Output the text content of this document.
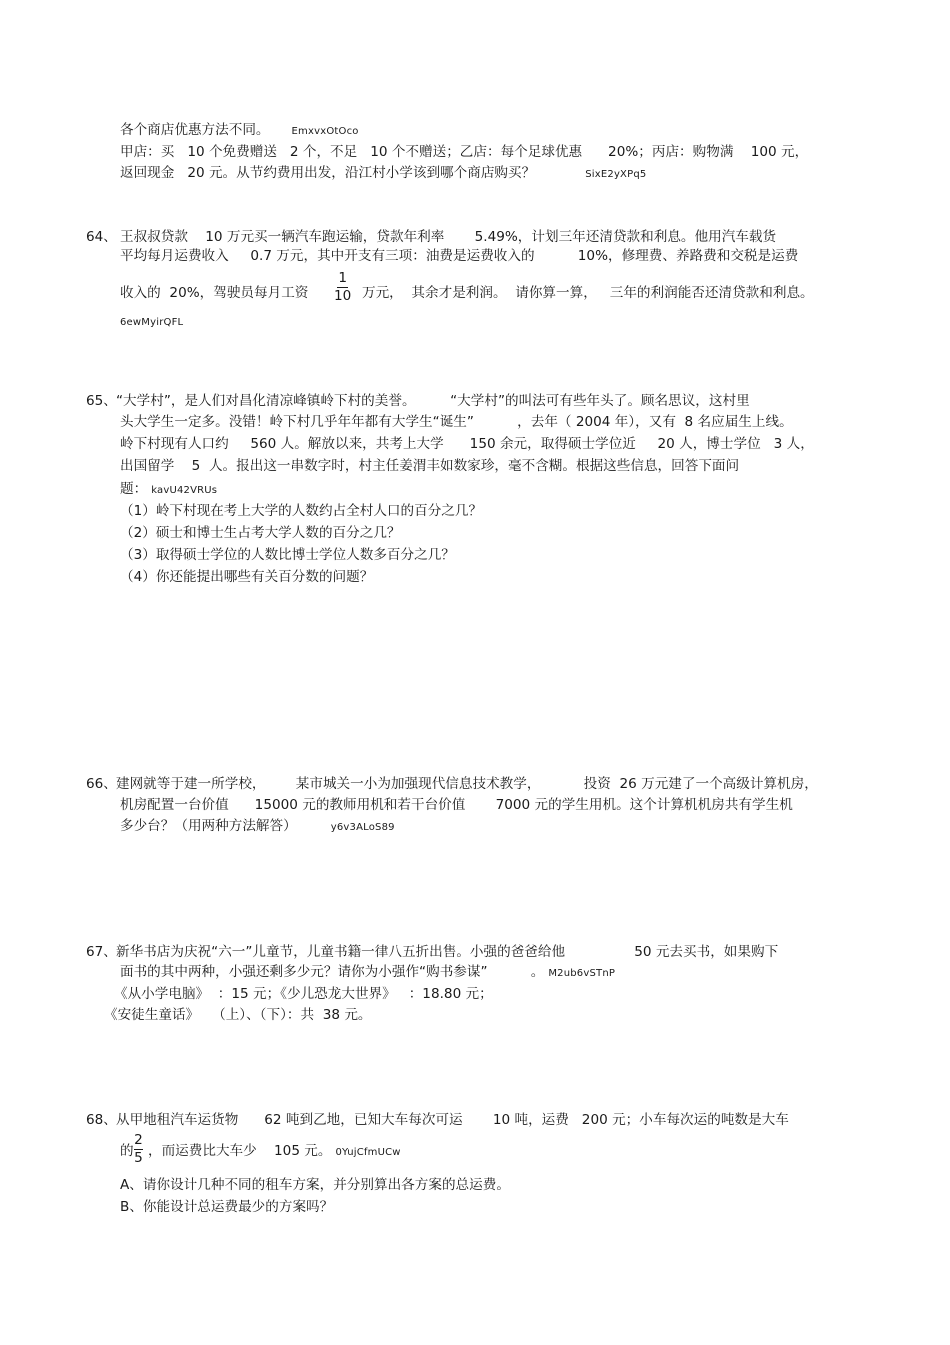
各个商店优惠方法不同。 EmxvxOtOco
甲店：买   10 个免费赠送   2 个，不足   10 个不赠送；乙店：每个足球优惠      20%；丙店：购物满    100 元，
返回现金   20 元。从节约费用出发，沿江村小学该到哪个商店购买？	SixE2yXPq5
64、 王叔叔贷款    10 万元买一辆汽车跑运输，贷款年利率       5.49%，计划三年还清贷款和利息。他用汽车载货
平均每月运费收入     0.7 万元，其中开支有三项：油费是运费收入的          10%，修理费、养路费和交税是运费
收入的  20%，驾驶员每月工资
1
10 万元，  其余才是利润。  请你算一算，   三年的利润能否还清贷款和利息。
6ewMyirQFL
65、 “大学村”，是人们对昌化清凉峰镇岭下村的美誉。        “大学村”的叫法可有些年头了。顾名思议，这村里
头大学生一定多。没错！岭下村几乎年年都有大学生“诞生”          ，去年（ 2004 年），又有  8 名应届生上线。
岭下村现有人口约     560 人。解放以来，共考上大学      150 余元，取得硕士学位近     20 人，博士学位   3 人，
出国留学    5  人。报出这一串数字时，村主任姜渭丰如数家珍，毫不含糊。根据这些信息，回答下面问
题： kavU42VRUs
（1）岭下村现在考上大学的人数约占全村人口的百分之几？
（2）硕士和博士生占考大学人数的百分之几？
（3）取得硕士学位的人数比博士学位人数多百分之几？
（4）你还能提出哪些有关百分数的问题？
66、 建网就等于建一所学校，       某市城关一小为加强现代信息技术教学，          投资  26 万元建了一个高级计算机房，
机房配置一台价值      15000 元的教师用机和若干台价值       7000 元的学生用机。这个计算机机房共有学生机
多少台？（用两种方法解答）	y6v3ALoS89
67、 新华书店为庆祝“六一”儿童节，儿童书籍一律八五折出售。小强的爸爸给他                50 元去买书，如果购下
面书的其中两种，小强还剩多少元？请你为小强作“购书参谋”          。 M2ub6vSTnP
《从小学电脑》  ：15 元；《少儿恐龙大世界》   ：18.80 元；
《安徒生童话》   （上）、（下）：共  38 元。
68、 从甲地租汽车运货物      62 吨到乙地，已知大车每次可运       10 吨，运费   200 元；小车每次运的吨数是大车
的
2
5 ，而运费比大车少    105 元。 0YujCfmUCw
A、请你设计几种不同的租车方案，并分别算出各方案的总运费。
B、你能设计总运费最少的方案吗？
